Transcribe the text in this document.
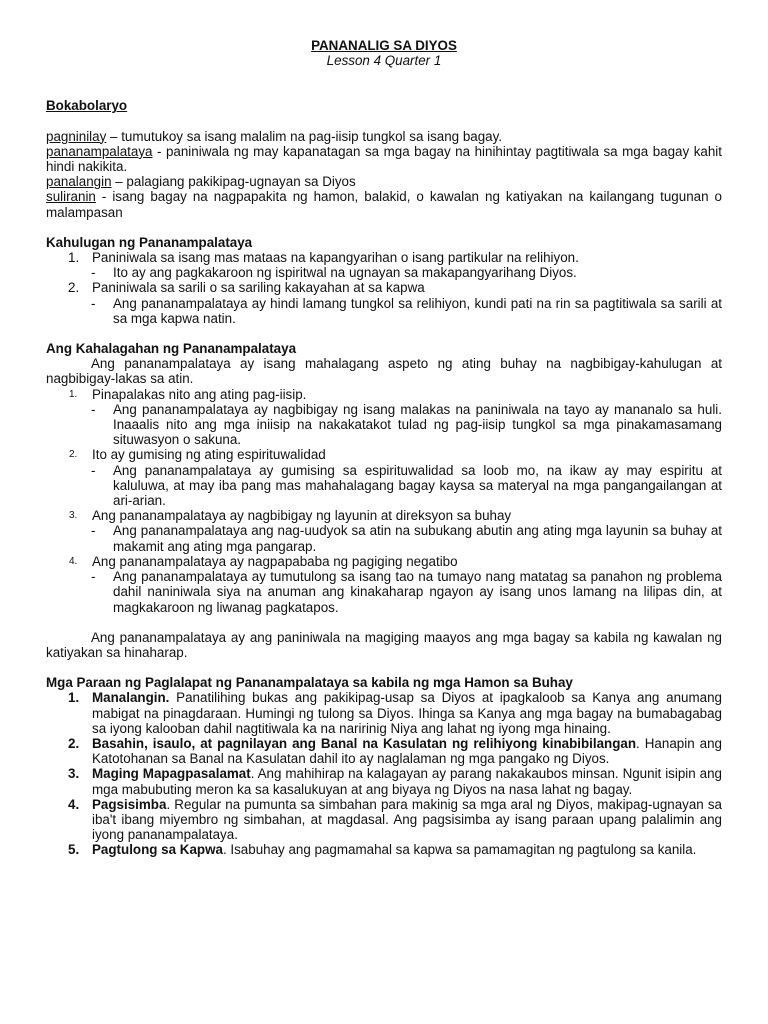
PANANALIG SA DIYOS
Lesson 4 Quarter 1
Bokabolaryo
pagninilay – tumutukoy sa isang malalim na pag-iisip tungkol sa isang bagay.
pananampalataya - paniniwala ng may kapanatagan sa mga bagay na hinihintay pagtitiwala sa mga bagay kahit hindi nakikita.
panalangin – palagiang pakikipag-ugnayan sa Diyos
suliranin - isang bagay na nagpapakita ng hamon, balakid, o kawalan ng katiyakan na kailangang tugunan o malampasan
Kahulugan ng Pananampalataya
1. Paniniwala sa isang mas mataas na kapangyarihan o isang partikular na relihiyon.
- Ito ay ang pagkakaroon ng ispiritwal na ugnayan sa makapangyarihang Diyos.
2. Paniniwala sa sarili o sa sariling kakayahan at sa kapwa
- Ang pananampalataya ay hindi lamang tungkol sa relihiyon, kundi pati na rin sa pagtitiwala sa sarili at sa mga kapwa natin.
Ang Kahalagahan ng Pananampalataya
Ang pananampalataya ay isang mahalagang aspeto ng ating buhay na nagbibigay-kahulugan at nagbibigay-lakas sa atin.
1. Pinapalakas nito ang ating pag-iisip.
- Ang pananampalataya ay nagbibigay ng isang malakas na paniniwala na tayo ay mananalo sa huli. Inaaalis nito ang mga iniisip na nakakatakot tulad ng pag-iisip tungkol sa mga pinakamasamang situwasyon o sakuna.
2. Ito ay gumising ng ating espirituwalidad
- Ang pananampalataya ay gumising sa espirituwalidad sa loob mo, na ikaw ay may espiritu at kaluluwa, at may iba pang mas mahahalagang bagay kaysa sa materyal na mga pangangailangan at ari-arian.
3. Ang pananampalataya ay nagbibigay ng layunin at direksyon sa buhay
- Ang pananampalataya ang nag-uudyok sa atin na subukang abutin ang ating mga layunin sa buhay at makamit ang ating mga pangarap.
4. Ang pananampalataya ay nagpapababa ng pagiging negatibo
- Ang pananampalataya ay tumutulong sa isang tao na tumayo nang matatag sa panahon ng problema dahil naniniwala siya na anuman ang kinakaharap ngayon ay isang unos lamang na lilipas din, at magkakaroon ng liwanag pagkatapos.
Ang pananampalataya ay ang paniniwala na magiging maayos ang mga bagay sa kabila ng kawalan ng katiyakan sa hinaharap.
Mga Paraan ng Paglalapat ng Pananampalataya sa kabila ng mga Hamon sa Buhay
1. Manalangin. Panatilihing bukas ang pakikipag-usap sa Diyos at ipagkaloob sa Kanya ang anumang mabigat na pinagdaraan. Humingi ng tulong sa Diyos. Ihinga sa Kanya ang mga bagay na bumabagabag sa iyong kalooban dahil nagtitiwala ka na naririnig Niya ang lahat ng iyong mga hinaing.
2. Basahin, isaulo, at pagnilayan ang Banal na Kasulatan ng relihiyong kinabibilangan. Hanapin ang Katotohanan sa Banal na Kasulatan dahil ito ay naglalaman ng mga pangako ng Diyos.
3. Maging Mapagpasalamat. Ang mahihirap na kalagayan ay parang nakakaubos minsan. Ngunit isipin ang mga mabubuting meron ka sa kasalukuyan at ang biyaya ng Diyos na nasa lahat ng bagay.
4. Pagsisimba. Regular na pumunta sa simbahan para makinig sa mga aral ng Diyos, makipag-ugnayan sa iba't ibang miyembro ng simbahan, at magdasal. Ang pagsisimba ay isang paraan upang palalimin ang iyong pananampalataya.
5. Pagtulong sa Kapwa. Isabuhay ang pagmamahal sa kapwa sa pamamagitan ng pagtulong sa kanila.
